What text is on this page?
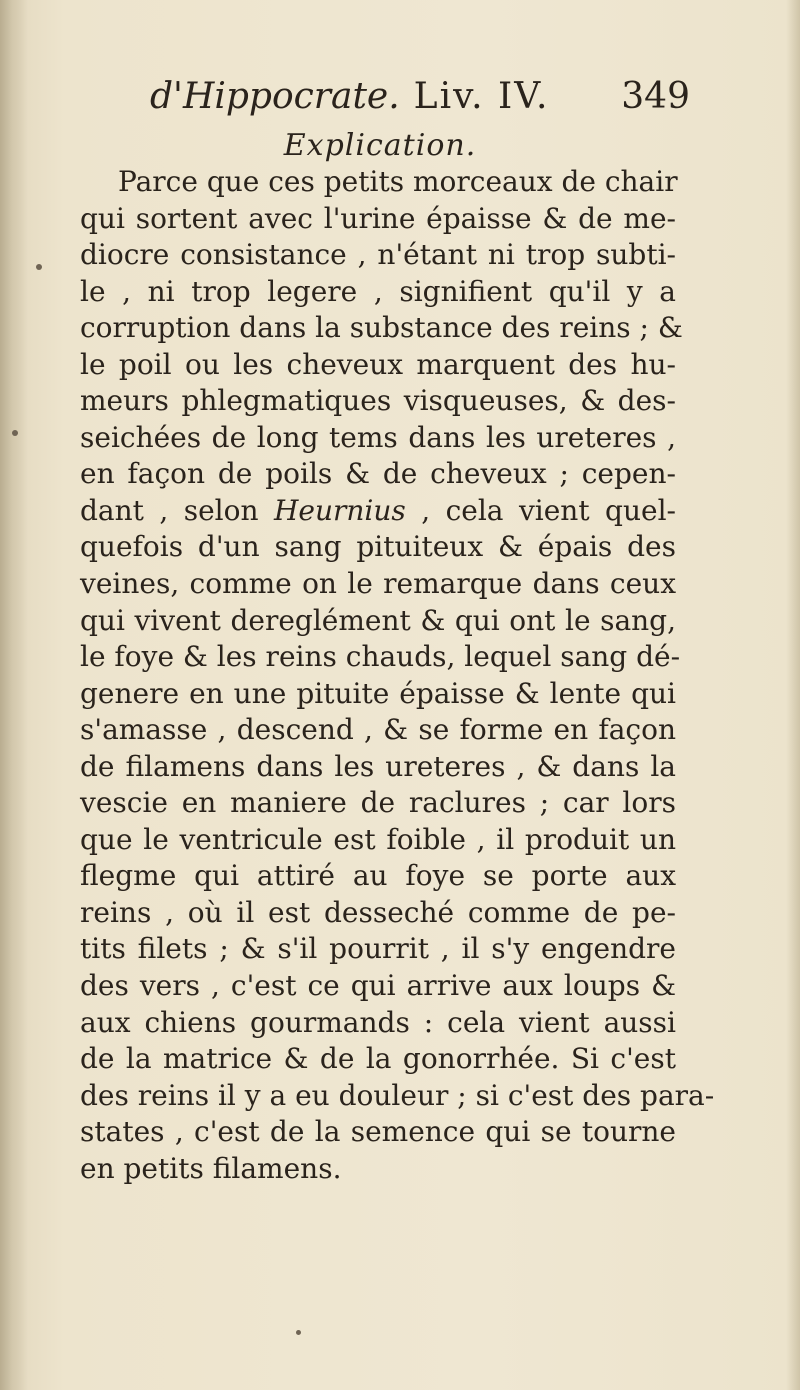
d'Hippocrate. Liv. IV. 349
Explication.
Parce que ces petits morceaux de chair
qui sortent avec l'urine épaisse & de me-
diocre consistance , n'étant ni trop subti-
le , ni trop legere , signifient qu'il y a
corruption dans la substance des reins ; &
le poil ou les cheveux marquent des hu-
meurs phlegmatiques visqueuses, & des-
seichées de long tems dans les ureteres ,
en façon de poils & de cheveux ; cepen-
dant , selon Heurnius , cela vient quel-
quefois d'un sang pituiteux & épais des
veines, comme on le remarque dans ceux
qui vivent dereglément & qui ont le sang,
le foye & les reins chauds, lequel sang dé-
genere en une pituite épaisse & lente qui
s'amasse , descend , & se forme en façon
de filamens dans les ureteres , & dans la
vescie en maniere de raclures ; car lors
que le ventricule est foible , il produit un
flegme qui attiré au foye se porte aux
reins , où il est desseché comme de pe-
tits filets ; & s'il pourrit , il s'y engendre
des vers , c'est ce qui arrive aux loups &
aux chiens gourmands : cela vient aussi
de la matrice & de la gonorrhée. Si c'est
des reins il y a eu douleur ; si c'est des para-
states , c'est de la semence qui se tourne
en petits filamens.
